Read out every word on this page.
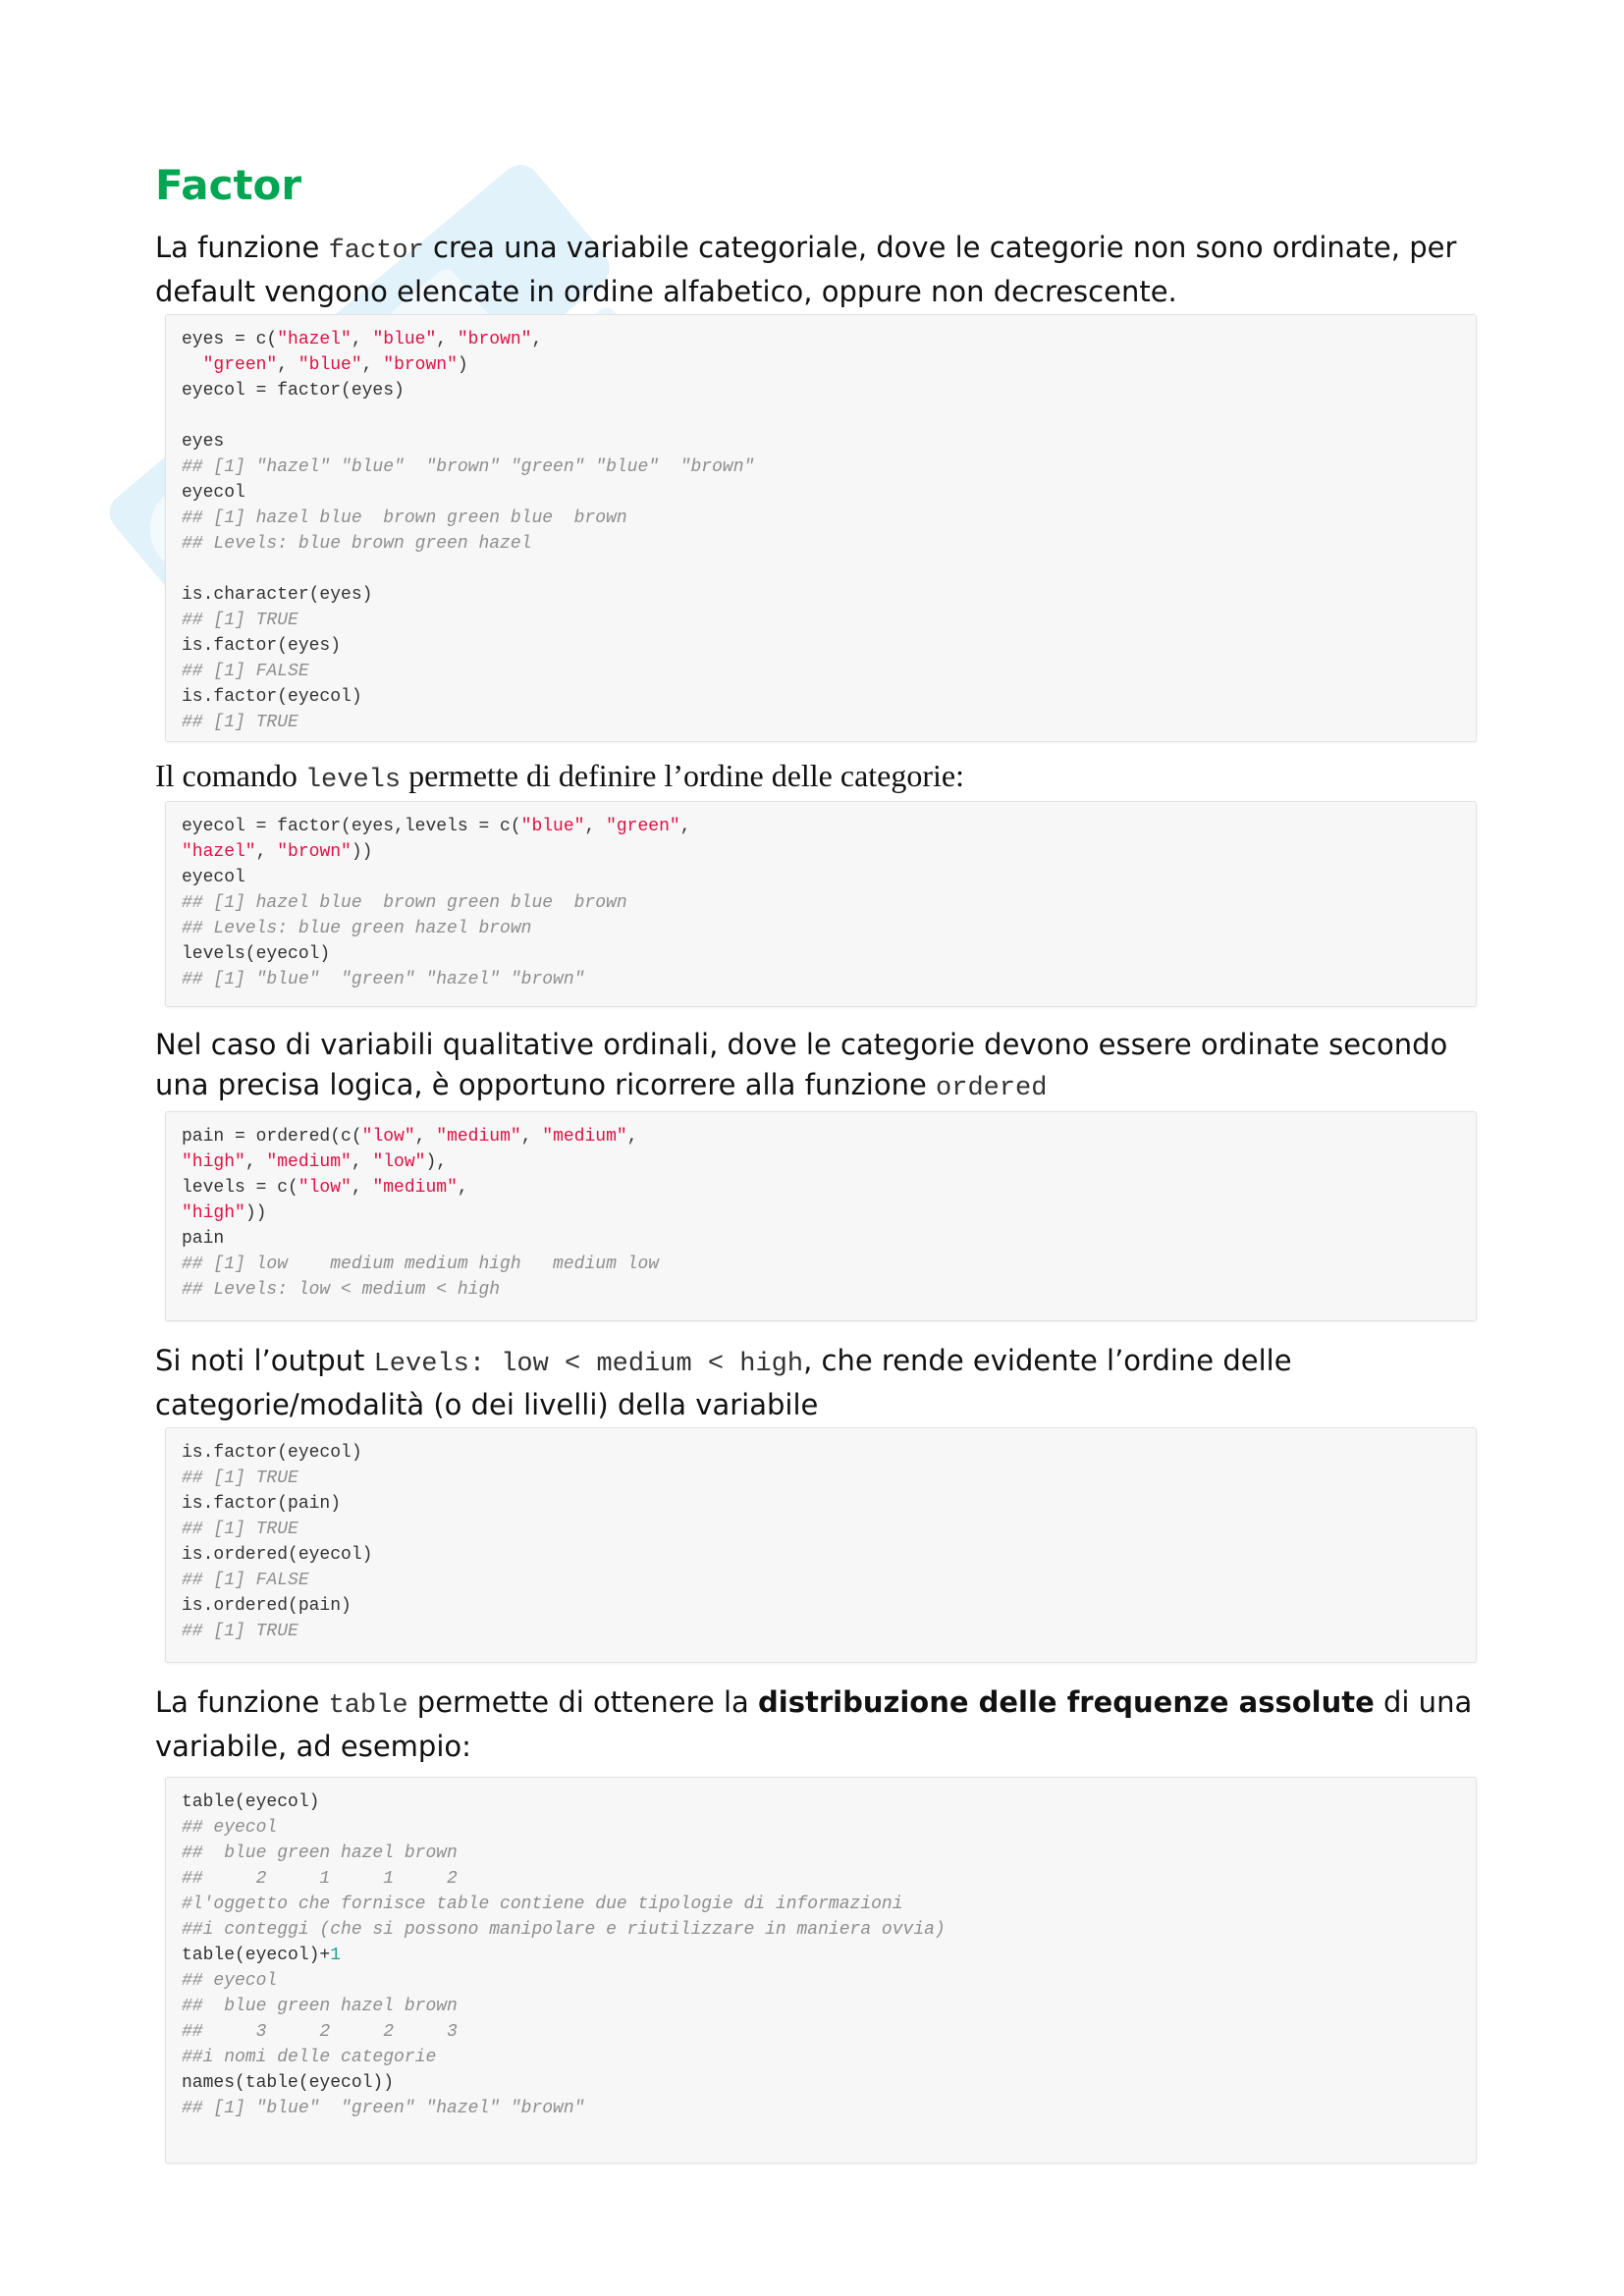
Factor

La funzione factor crea una variabile categoriale, dove le categorie non sono ordinate, per default vengono elencate in ordine alfabetico, oppure non decrescente.

eyes = c("hazel", "blue", "brown",
"green", "blue", "brown")
eyecol = factor(eyes)
eyes
## [1] "hazel" "blue"  "brown" "green" "blue"  "brown"
eyecol
## [1] hazel blue  brown green blue  brown
## Levels: blue brown green hazel
is.character(eyes)
## [1] TRUE
is.factor(eyes)
## [1] FALSE
is.factor(eyecol)
## [1] TRUE

Il comando levels permette di definire l’ordine delle categorie:

eyecol = factor(eyes,levels = c("blue", "green",
"hazel", "brown"))
eyecol
## [1] hazel blue  brown green blue  brown
## Levels: blue green hazel brown
levels(eyecol)
## [1] "blue"  "green" "hazel" "brown"

Nel caso di variabili qualitative ordinali, dove le categorie devono essere ordinate secondo una precisa logica, è opportuno ricorrere alla funzione ordered

pain = ordered(c("low", "medium", "medium",
"high", "medium", "low"),
levels = c("low", "medium",
"high"))
pain
## [1] low    medium medium high   medium low
## Levels: low < medium < high

Si noti l’output Levels: low < medium < high, che rende evidente l’ordine delle categorie/modalità (o dei livelli) della variabile

is.factor(eyecol)
## [1] TRUE
is.factor(pain)
## [1] TRUE
is.ordered(eyecol)
## [1] FALSE
is.ordered(pain)
## [1] TRUE

La funzione table permette di ottenere la distribuzione delle frequenze assolute di una variabile, ad esempio:

table(eyecol)
## eyecol
##  blue green hazel brown
##     2     1     1     2
#l'oggetto che fornisce table contiene due tipologie di informazioni
##i conteggi (che si possono manipolare e riutilizzare in maniera ovvia)
table(eyecol)+1
## eyecol
##  blue green hazel brown
##     3     2     2     3
##i nomi delle categorie
names(table(eyecol))
## [1] "blue"  "green" "hazel" "brown"
